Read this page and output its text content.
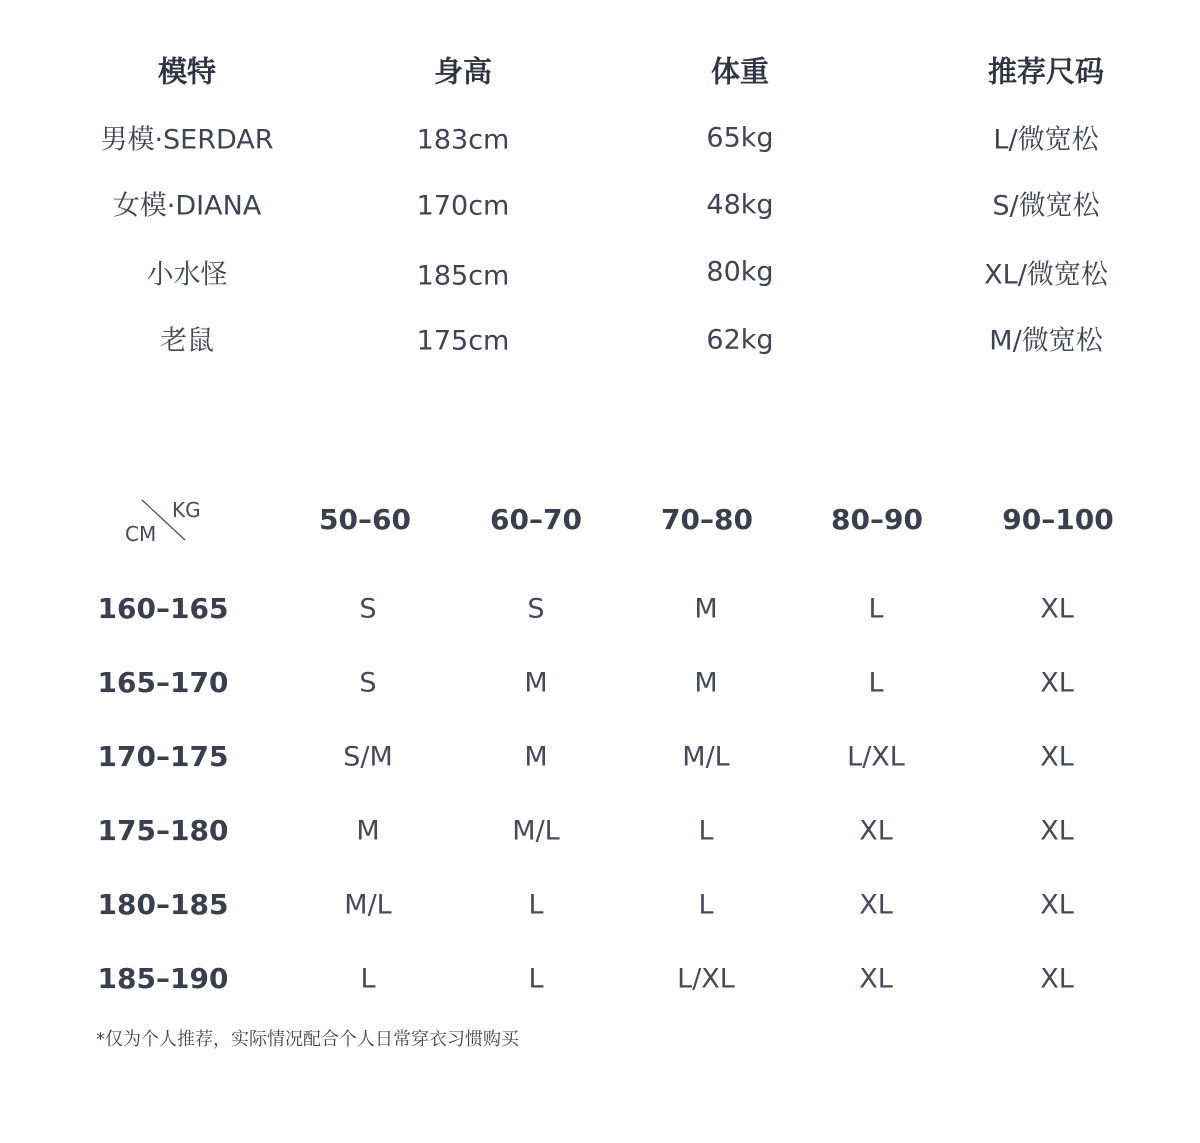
模特	身高	体重	推荐尺码
男模·SERDAR	183cm	65kg	L/微宽松
女模·DIANA	170cm	48kg	S/微宽松
小水怪	185cm	80kg	XL/微宽松
老鼠	175cm	62kg	M/微宽松
KG
CM	50–60	60–70	70–80	80–90	90–100
160–165	S	S	M	L	XL
165–170	S	M	M	L	XL
170–175	S/M	M	M/L	L/XL	XL
175–180	M	M/L	L	XL	XL
180–185	M/L	L	L	XL	XL
185–190	L	L	L/XL	XL	XL
*仅为个人推荐，实际情况配合个人日常穿衣习惯购买
